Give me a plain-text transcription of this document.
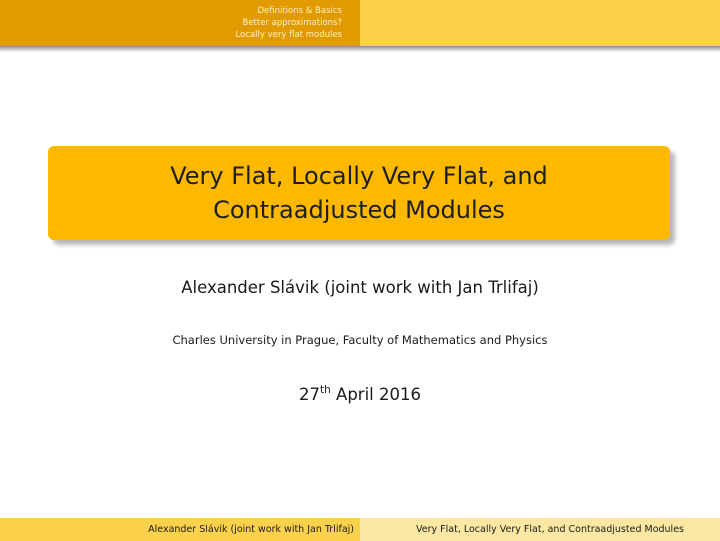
Definitions & Basics
Better approximations?
Locally very flat modules
Very Flat, Locally Very Flat, and Contraadjusted Modules
Alexander Slávik (joint work with Jan Trlifaj)
Charles University in Prague, Faculty of Mathematics and Physics
27th April 2016
Alexander Slávik (joint work with Jan Trlifaj)	Very Flat, Locally Very Flat, and Contraadjusted Modules
